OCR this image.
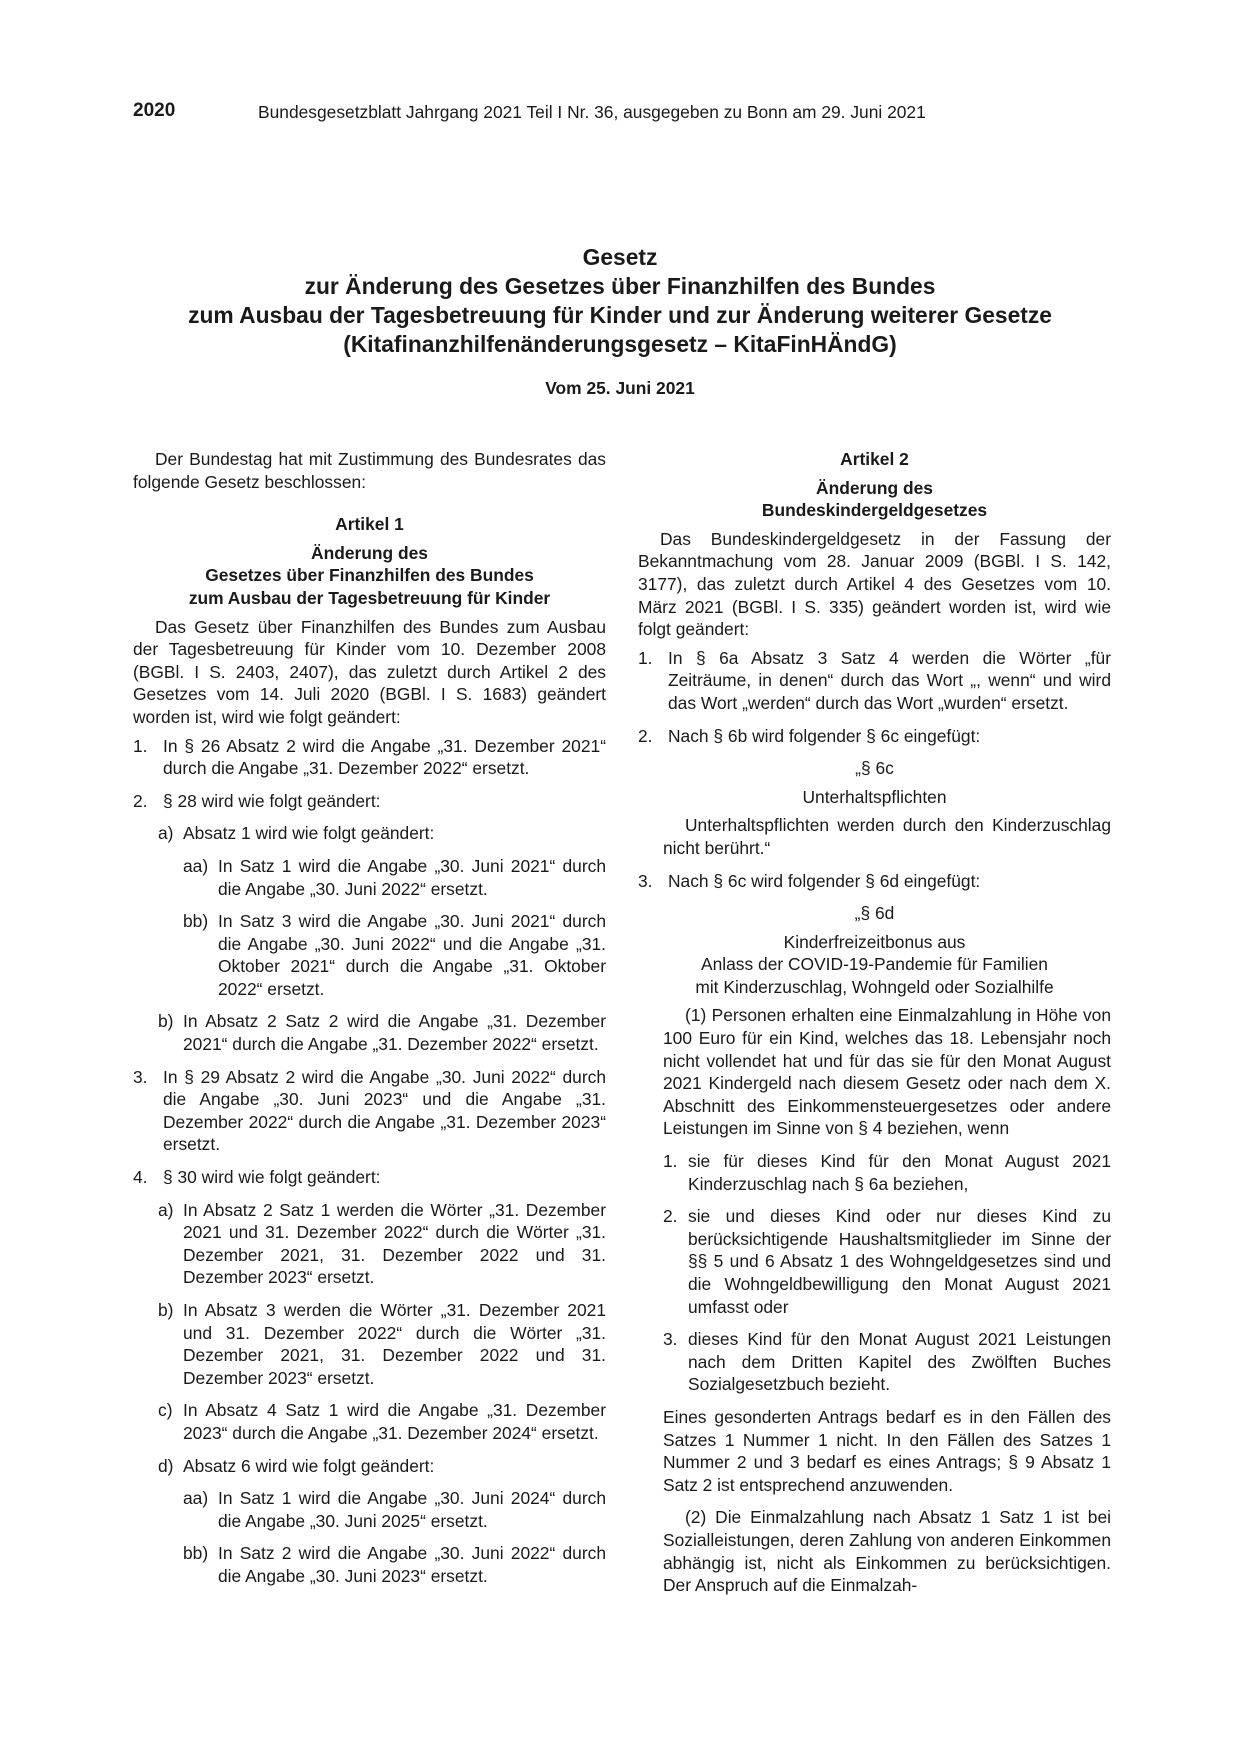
2020	Bundesgesetzblatt Jahrgang 2021 Teil I Nr. 36, ausgegeben zu Bonn am 29. Juni 2021
Gesetz
zur Änderung des Gesetzes über Finanzhilfen des Bundes
zum Ausbau der Tagesbetreuung für Kinder und zur Änderung weiterer Gesetze
(Kitafinanzhilfenänderungsgesetz – KitaFinHÄndG)
Vom 25. Juni 2021

Der Bundestag hat mit Zustimmung des Bundesrates das folgende Gesetz beschlossen:

Artikel 1

Änderung des
Gesetzes über Finanzhilfen des Bundes
zum Ausbau der Tagesbetreuung für Kinder

Das Gesetz über Finanzhilfen des Bundes zum Ausbau der Tagesbetreuung für Kinder vom 10. Dezember 2008 (BGBl. I S. 2403, 2407), das zuletzt durch Artikel 2 des Gesetzes vom 14. Juli 2020 (BGBl. I S. 1683) geändert worden ist, wird wie folgt geändert:

1. In § 26 Absatz 2 wird die Angabe „31. Dezember 2021“ durch die Angabe „31. Dezember 2022“ ersetzt.
2. § 28 wird wie folgt geändert:
a) Absatz 1 wird wie folgt geändert:
aa) In Satz 1 wird die Angabe „30. Juni 2021“ durch die Angabe „30. Juni 2022“ ersetzt.
bb) In Satz 3 wird die Angabe „30. Juni 2021“ durch die Angabe „30. Juni 2022“ und die Angabe „31. Oktober 2021“ durch die Angabe „31. Oktober 2022“ ersetzt.
b) In Absatz 2 Satz 2 wird die Angabe „31. Dezember 2021“ durch die Angabe „31. Dezember 2022“ ersetzt.
3. In § 29 Absatz 2 wird die Angabe „30. Juni 2022“ durch die Angabe „30. Juni 2023“ und die Angabe „31. Dezember 2022“ durch die Angabe „31. Dezember 2023“ ersetzt.
4. § 30 wird wie folgt geändert:
a) In Absatz 2 Satz 1 werden die Wörter „31. Dezember 2021 und 31. Dezember 2022“ durch die Wörter „31. Dezember 2021, 31. Dezember 2022 und 31. Dezember 2023“ ersetzt.
b) In Absatz 3 werden die Wörter „31. Dezember 2021 und 31. Dezember 2022“ durch die Wörter „31. Dezember 2021, 31. Dezember 2022 und 31. Dezember 2023“ ersetzt.
c) In Absatz 4 Satz 1 wird die Angabe „31. Dezember 2023“ durch die Angabe „31. Dezember 2024“ ersetzt.
d) Absatz 6 wird wie folgt geändert:
aa) In Satz 1 wird die Angabe „30. Juni 2024“ durch die Angabe „30. Juni 2025“ ersetzt.
bb) In Satz 2 wird die Angabe „30. Juni 2022“ durch die Angabe „30. Juni 2023“ ersetzt.

Artikel 2

Änderung des
Bundeskindergeldgesetzes

Das Bundeskindergeldgesetz in der Fassung der Bekanntmachung vom 28. Januar 2009 (BGBl. I S. 142, 3177), das zuletzt durch Artikel 4 des Gesetzes vom 10. März 2021 (BGBl. I S. 335) geändert worden ist, wird wie folgt geändert:

1. In § 6a Absatz 3 Satz 4 werden die Wörter „für Zeiträume, in denen“ durch das Wort „, wenn“ und wird das Wort „werden“ durch das Wort „wurden“ ersetzt.
2. Nach § 6b wird folgender § 6c eingefügt:

„§ 6c

Unterhaltspflichten

Unterhaltspflichten werden durch den Kinderzuschlag nicht berührt.“

3. Nach § 6c wird folgender § 6d eingefügt:

„§ 6d

Kinderfreizeitbonus aus
Anlass der COVID-19-Pandemie für Familien
mit Kinderzuschlag, Wohngeld oder Sozialhilfe

(1) Personen erhalten eine Einmalzahlung in Höhe von 100 Euro für ein Kind, welches das 18. Lebensjahr noch nicht vollendet hat und für das sie für den Monat August 2021 Kindergeld nach diesem Gesetz oder nach dem X. Abschnitt des Einkommensteuergesetzes oder andere Leistungen im Sinne von § 4 beziehen, wenn

1. sie für dieses Kind für den Monat August 2021 Kinderzuschlag nach § 6a beziehen,
2. sie und dieses Kind oder nur dieses Kind zu berücksichtigende Haushaltsmitglieder im Sinne der §§ 5 und 6 Absatz 1 des Wohngeldgesetzes sind und die Wohngeldbewilligung den Monat August 2021 umfasst oder
3. dieses Kind für den Monat August 2021 Leistungen nach dem Dritten Kapitel des Zwölften Buches Sozialgesetzbuch bezieht.

Eines gesonderten Antrags bedarf es in den Fällen des Satzes 1 Nummer 1 nicht. In den Fällen des Satzes 1 Nummer 2 und 3 bedarf es eines Antrags; § 9 Absatz 1 Satz 2 ist entsprechend anzuwenden.

(2) Die Einmalzahlung nach Absatz 1 Satz 1 ist bei Sozialleistungen, deren Zahlung von anderen Einkommen abhängig ist, nicht als Einkommen zu berücksichtigen. Der Anspruch auf die Einmalzah-
